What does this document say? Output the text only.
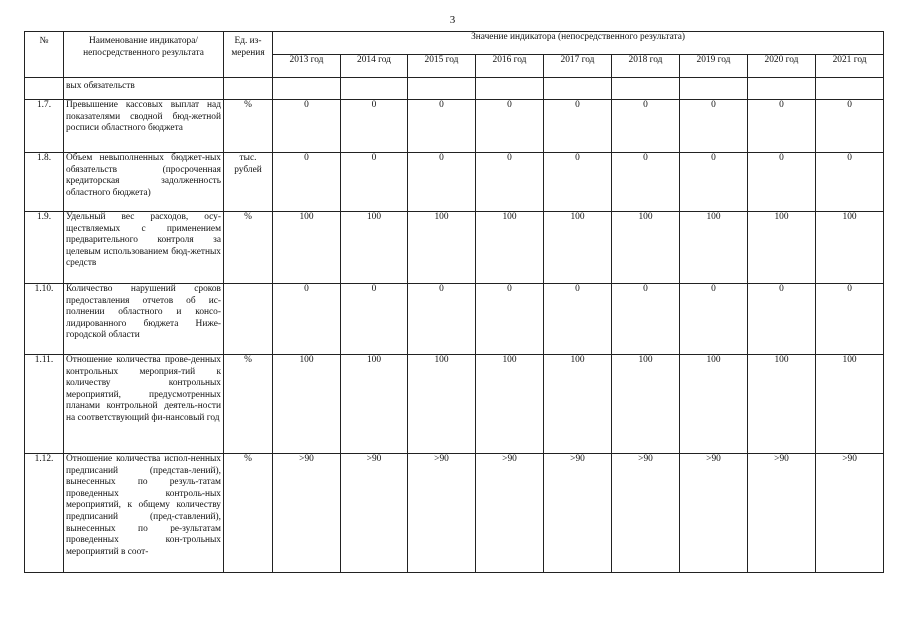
3
№	Наименование индикатора/ непосредственного результата	Ед. из-мерения	Значение индикатора (непосредственного результата)								
			2013 год	2014 год	2015 год	2016 год	2017 год	2018 год	2019 год	2020 год	2021 год
	вых обязательств										
1.7.	Превышение кассовых выплат над показателями сводной бюд-жетной росписи областного бюджета	%	0	0	0	0	0	0	0	0	0
1.8.	Объем невыполненных бюджет-ных обязательств (просроченная кредиторская задолженность областного бюджета)	тыс. рублей	0	0	0	0	0	0	0	0	0
1.9.	Удельный вес расходов, осу-ществляемых с применением предварительного контроля за целевым использованием бюд-жетных средств	%	100	100	100	100	100	100	100	100	100
1.10.	Количество нарушений сроков предоставления отчетов об ис-полнении областного и консо-лидированного бюджета Ниже-городской области		0	0	0	0	0	0	0	0	0
1.11.	Отношение количества прове-денных контрольных мероприя-тий к количеству контрольных мероприятий, предусмотренных планами контрольной деятель-ности на соответствующий фи-нансовый год	%	100	100	100	100	100	100	100	100	100
1.12.	Отношение количества испол-ненных предписаний (представ-лений), вынесенных по резуль-татам проведенных контроль-ных мероприятий, к общему количеству предписаний (пред-ставлений), вынесенных по ре-зультатам проведенных кон-трольных мероприятий в соот-	%	>90	>90	>90	>90	>90	>90	>90	>90	>90
